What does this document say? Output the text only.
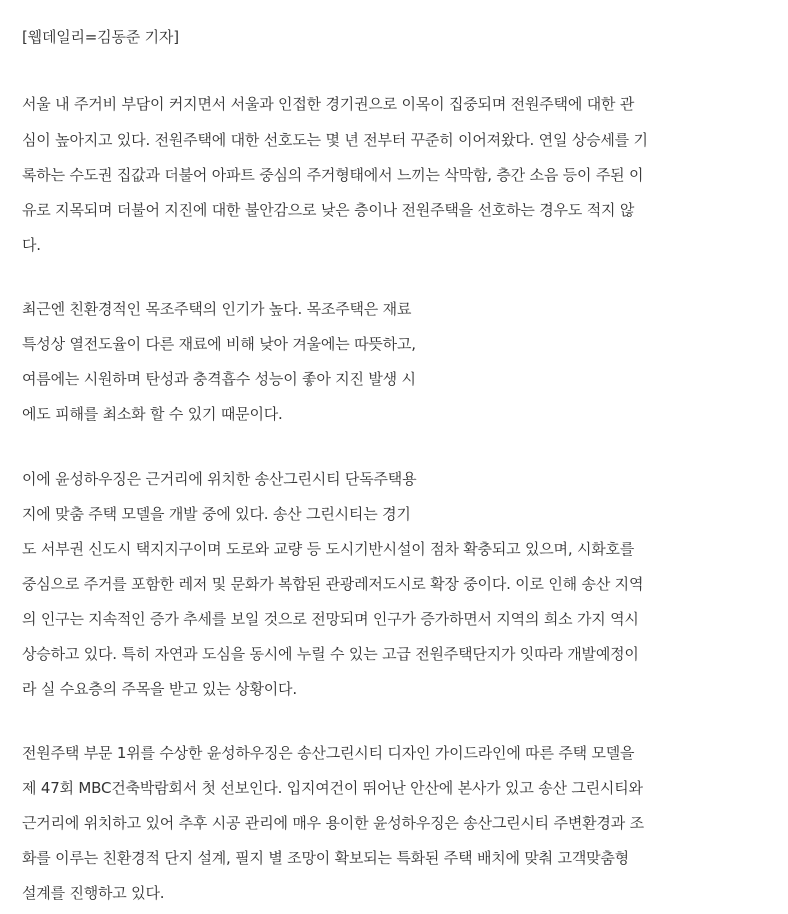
[웹데일리=김동준 기자]
서울 내 주거비 부담이 커지면서 서울과 인접한 경기권으로 이목이 집중되며 전원주택에 대한 관
심이 높아지고 있다. 전원주택에 대한 선호도는 몇 년 전부터 꾸준히 이어져왔다. 연일 상승세를 기
록하는 수도권 집값과 더불어 아파트 중심의 주거형태에서 느끼는 삭막함, 층간 소음 등이 주된 이
유로 지목되며 더불어 지진에 대한 불안감으로 낮은 층이나 전원주택을 선호하는 경우도 적지 않
다.
최근엔 친환경적인 목조주택의 인기가 높다. 목조주택은 재료
특성상 열전도율이 다른 재료에 비해 낮아 겨울에는 따뜻하고,
여름에는 시원하며 탄성과 충격흡수 성능이 좋아 지진 발생 시
에도 피해를 최소화 할 수 있기 때문이다.
이에 윤성하우징은 근거리에 위치한 송산그린시티 단독주택용
지에 맞춤 주택 모델을 개발 중에 있다. 송산 그린시티는 경기
도 서부권 신도시 택지지구이며 도로와 교량 등 도시기반시설이 점차 확충되고 있으며, 시화호를
중심으로 주거를 포함한 레저 및 문화가 복합된 관광레저도시로 확장 중이다. 이로 인해 송산 지역
의 인구는 지속적인 증가 추세를 보일 것으로 전망되며 인구가 증가하면서 지역의 희소 가지 역시
상승하고 있다. 특히 자연과 도심을 동시에 누릴 수 있는 고급 전원주택단지가 잇따라 개발예정이
라 실 수요층의 주목을 받고 있는 상황이다.
전원주택 부문 1위를 수상한 윤성하우징은 송산그린시티 디자인 가이드라인에 따른 주택 모델을
제 47회 MBC건축박람회서 첫 선보인다. 입지여건이 뛰어난 안산에 본사가 있고 송산 그린시티와
근거리에 위치하고 있어 추후 시공 관리에 매우 용이한 윤성하우징은 송산그린시티 주변환경과 조
화를 이루는 친환경적 단지 설계, 필지 별 조망이 확보되는 특화된 주택 배치에 맞춰 고객맞춤형
설계를 진행하고 있다.
